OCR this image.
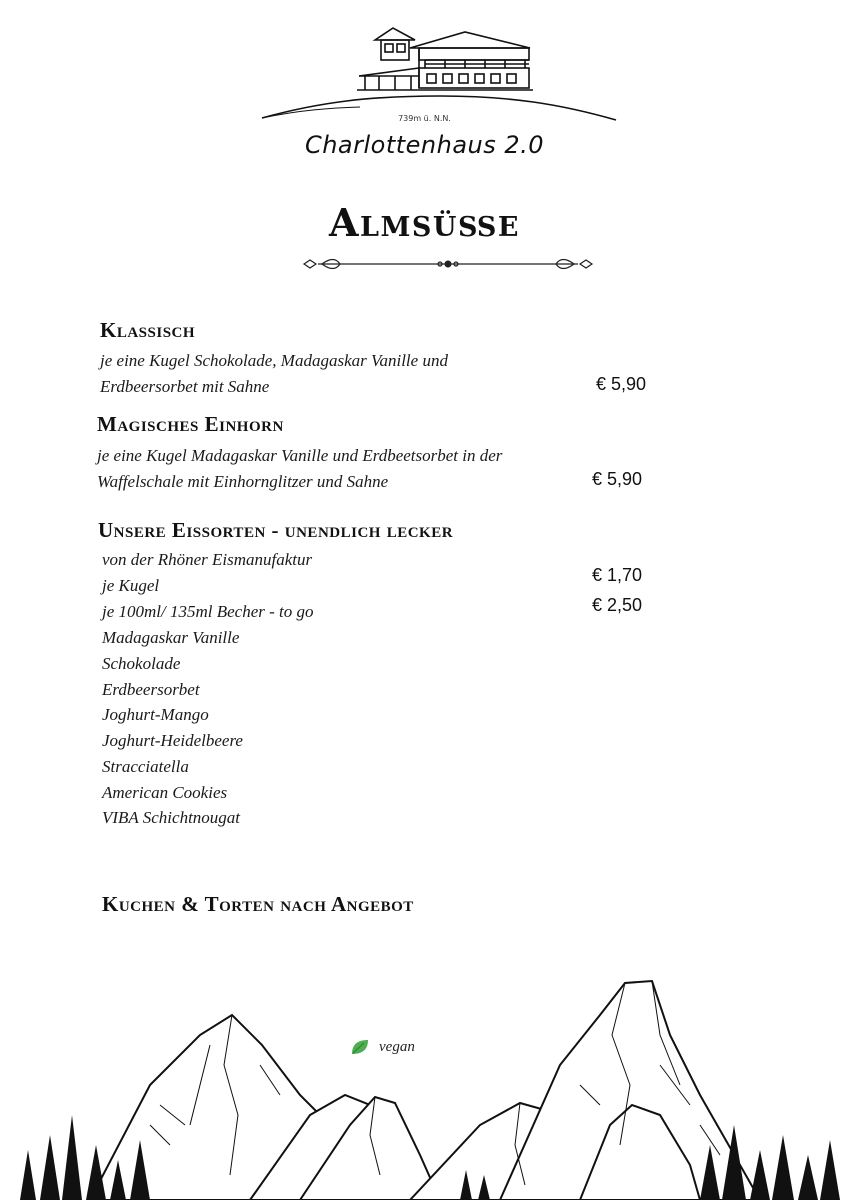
739m ü. N.N.
Charlottenhaus 2.0
Almsüße
Klassisch
je eine Kugel Schokolade, Madagaskar Vanille und
Erdbeersorbet mit Sahne	€ 5,90
Magisches Einhorn
je eine Kugel Madagaskar Vanille und Erdbeetsorbet in der
Waffelschale mit Einhornglitzer und Sahne	€ 5,90
Unsere Eissorten - unendlich lecker
von der Rhöner Eismanufaktur
je Kugel
je 100ml/ 135ml Becher - to go
€ 1,70
€ 2,50
Madagaskar Vanille
Schokolade
Erdbeersorbet
Joghurt-Mango
Joghurt-Heidelbeere
Stracciatella
American Cookies
VIBA Schichtnougat
Kuchen & Torten nach Angebot
vegan
